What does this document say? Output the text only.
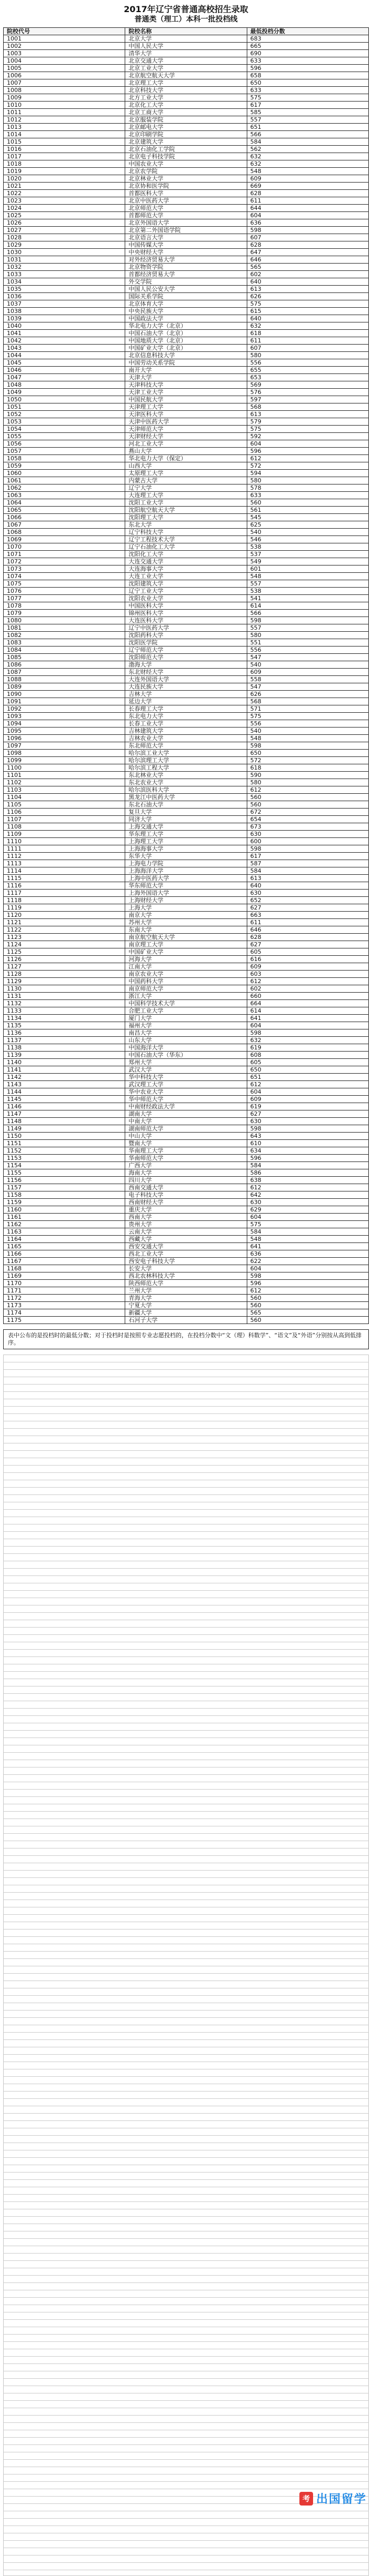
2017年辽宁省普通高校招生录取
普通类（理工）本科一批投档线
院校代号	院校名称	最低投档分数
1001	北京大学	683
1002	中国人民大学	665
1003	清华大学	690
1004	北京交通大学	633
1005	北京工业大学	596
1006	北京航空航天大学	658
1007	北京理工大学	650
1008	北京科技大学	633
1009	北方工业大学	575
1010	北京化工大学	617
1011	北京工商大学	585
1012	北京服装学院	557
1013	北京邮电大学	651
1014	北京印刷学院	566
1015	北京建筑大学	584
1016	北京石油化工学院	562
1017	北京电子科技学院	632
1018	中国农业大学	632
1019	北京农学院	548
1020	北京林业大学	609
1021	北京协和医学院	669
1022	首都医科大学	628
1023	北京中医药大学	611
1024	北京师范大学	644
1025	首都师范大学	604
1026	北京外国语大学	636
1027	北京第二外国语学院	598
1028	北京语言大学	607
1029	中国传媒大学	628
1030	中央财经大学	647
1031	对外经济贸易大学	646
1032	北京物资学院	565
1033	首都经济贸易大学	602
1034	外交学院	640
1035	中国人民公安大学	613
1036	国际关系学院	626
1037	北京体育大学	575
1038	中央民族大学	615
1039	中国政法大学	640
1040	华北电力大学（北京）	632
1041	中国石油大学（北京）	618
1042	中国地质大学（北京）	611
1043	中国矿业大学（北京）	607
1044	北京信息科技大学	580
1045	中国劳动关系学院	556
1046	南开大学	655
1047	天津大学	653
1048	天津科技大学	569
1049	天津工业大学	576
1050	中国民航大学	597
1051	天津理工大学	568
1052	天津医科大学	613
1053	天津中医药大学	579
1054	天津师范大学	575
1055	天津财经大学	592
1056	河北工业大学	604
1057	燕山大学	596
1058	华北电力大学（保定）	612
1059	山西大学	572
1060	太原理工大学	594
1061	内蒙古大学	580
1062	辽宁大学	578
1063	大连理工大学	633
1064	沈阳工业大学	560
1065	沈阳航空航天大学	561
1066	沈阳理工大学	545
1067	东北大学	625
1068	辽宁科技大学	540
1069	辽宁工程技术大学	546
1070	辽宁石油化工大学	538
1071	沈阳化工大学	537
1072	大连交通大学	549
1073	大连海事大学	601
1074	大连工业大学	548
1075	沈阳建筑大学	557
1076	辽宁工业大学	538
1077	沈阳农业大学	541
1078	中国医科大学	614
1079	锦州医科大学	566
1080	大连医科大学	598
1081	辽宁中医药大学	557
1082	沈阳药科大学	580
1083	沈阳医学院	551
1084	辽宁师范大学	556
1085	沈阳师范大学	547
1086	渤海大学	540
1087	东北财经大学	609
1088	大连外国语大学	558
1089	大连民族大学	547
1090	吉林大学	626
1091	延边大学	568
1092	长春理工大学	571
1093	东北电力大学	575
1094	长春工业大学	556
1095	吉林建筑大学	540
1096	吉林农业大学	548
1097	东北师范大学	598
1098	哈尔滨工业大学	650
1099	哈尔滨理工大学	572
1100	哈尔滨工程大学	618
1101	东北林业大学	590
1102	东北农业大学	580
1103	哈尔滨医科大学	612
1104	黑龙江中医药大学	560
1105	东北石油大学	560
1106	复旦大学	672
1107	同济大学	654
1108	上海交通大学	673
1109	华东理工大学	630
1110	上海理工大学	600
1111	上海海事大学	598
1112	东华大学	617
1113	上海电力学院	587
1114	上海海洋大学	584
1115	上海中医药大学	613
1116	华东师范大学	640
1117	上海外国语大学	630
1118	上海财经大学	652
1119	上海大学	627
1120	南京大学	663
1121	苏州大学	611
1122	东南大学	646
1123	南京航空航天大学	628
1124	南京理工大学	627
1125	中国矿业大学	605
1126	河海大学	616
1127	江南大学	609
1128	南京农业大学	603
1129	中国药科大学	612
1130	南京师范大学	602
1131	浙江大学	660
1132	中国科学技术大学	664
1133	合肥工业大学	614
1134	厦门大学	641
1135	福州大学	604
1136	南昌大学	598
1137	山东大学	632
1138	中国海洋大学	619
1139	中国石油大学（华东）	608
1140	郑州大学	605
1141	武汉大学	650
1142	华中科技大学	651
1143	武汉理工大学	612
1144	华中农业大学	604
1145	华中师范大学	609
1146	中南财经政法大学	619
1147	湖南大学	627
1148	中南大学	630
1149	湖南师范大学	598
1150	中山大学	643
1151	暨南大学	610
1152	华南理工大学	634
1153	华南师范大学	596
1154	广西大学	584
1155	海南大学	586
1156	四川大学	638
1157	西南交通大学	612
1158	电子科技大学	642
1159	西南财经大学	630
1160	重庆大学	629
1161	西南大学	604
1162	贵州大学	575
1163	云南大学	584
1164	西藏大学	548
1165	西安交通大学	641
1166	西北工业大学	636
1167	西安电子科技大学	622
1168	长安大学	604
1169	西北农林科技大学	598
1170	陕西师范大学	596
1171	兰州大学	612
1172	青海大学	560
1173	宁夏大学	560
1174	新疆大学	565
1175	石河子大学	560
表中公布的是投档时的最低分数；对于投档时是按照专业志愿投档的，在投档分数中“文（理）科数学”、“语文”及“外语”分别按从高到低排序。
考 出国留学
